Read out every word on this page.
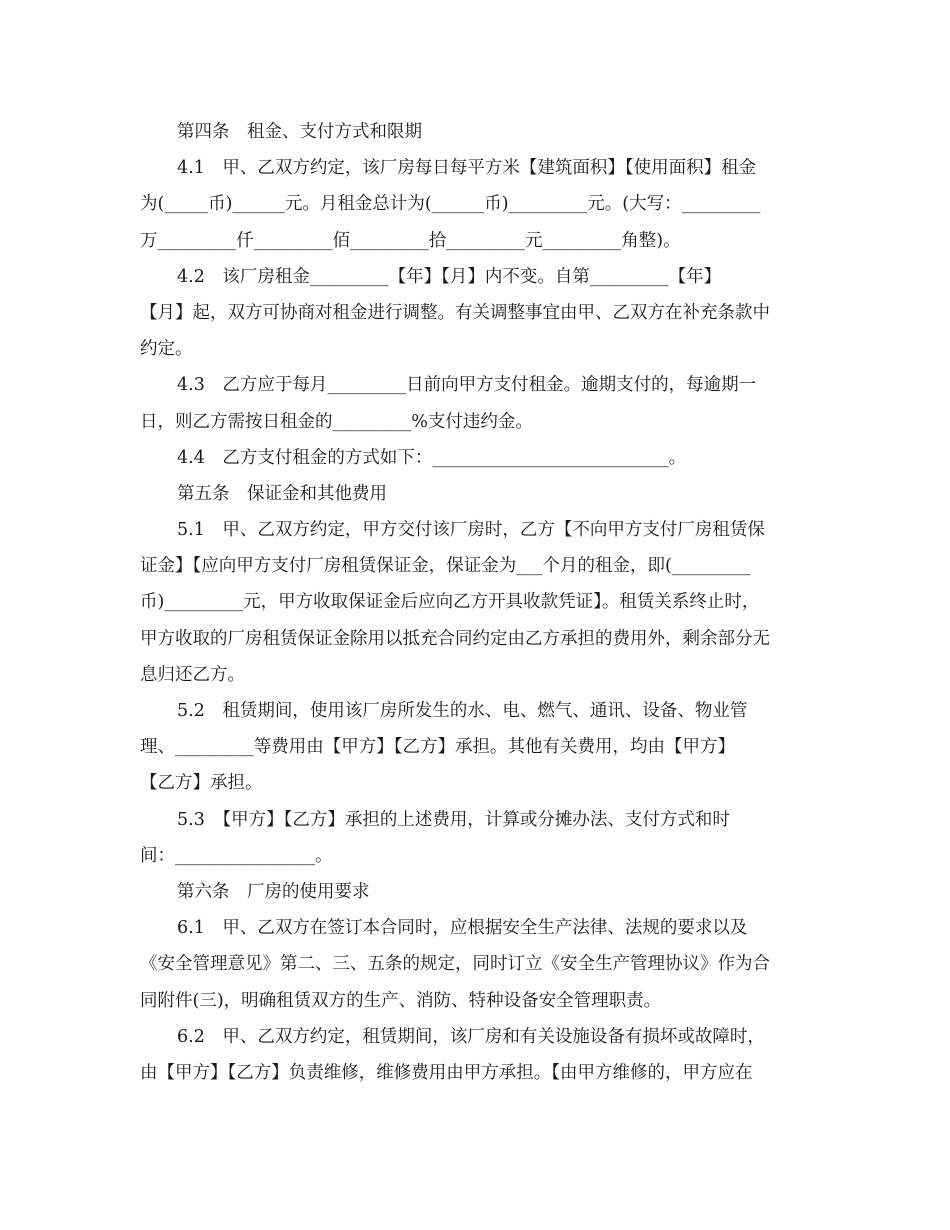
第四条　租金、支付方式和限期
4.1　甲、乙双方约定，该厂房每日每平方米【建筑面积】【使用面积】租金
为(_____币)______元。月租金总计为(______币)_________元。(大写：_________
万_________仟_________佰_________拾_________元_________角整)。
4.2　该厂房租金_________【年】【月】内不变。自第_________【年】
【月】起，双方可协商对租金进行调整。有关调整事宜由甲、乙双方在补充条款中
约定。
4.3　乙方应于每月_________日前向甲方支付租金。逾期支付的，每逾期一
日，则乙方需按日租金的_________%支付违约金。
4.4　乙方支付租金的方式如下：___________________________。
第五条　保证金和其他费用
5.1　甲、乙双方约定，甲方交付该厂房时，乙方【不向甲方支付厂房租赁保
证金】【应向甲方支付厂房租赁保证金，保证金为___个月的租金，即(_________
币)_________元，甲方收取保证金后应向乙方开具收款凭证】。租赁关系终止时，
甲方收取的厂房租赁保证金除用以抵充合同约定由乙方承担的费用外，剩余部分无
息归还乙方。
5.2　租赁期间，使用该厂房所发生的水、电、燃气、通讯、设备、物业管
理、_________等费用由【甲方】【乙方】承担。其他有关费用，均由【甲方】
【乙方】承担。
5.3　【甲方】【乙方】承担的上述费用，计算或分摊办法、支付方式和时
间：________________。
第六条　厂房的使用要求
6.1　甲、乙双方在签订本合同时，应根据安全生产法律、法规的要求以及
《安全管理意见》第二、三、五条的规定，同时订立《安全生产管理协议》作为合
同附件(三)，明确租赁双方的生产、消防、特种设备安全管理职责。
6.2　甲、乙双方约定，租赁期间，该厂房和有关设施设备有损坏或故障时，
由【甲方】【乙方】负责维修，维修费用由甲方承担。【由甲方维修的，甲方应在
